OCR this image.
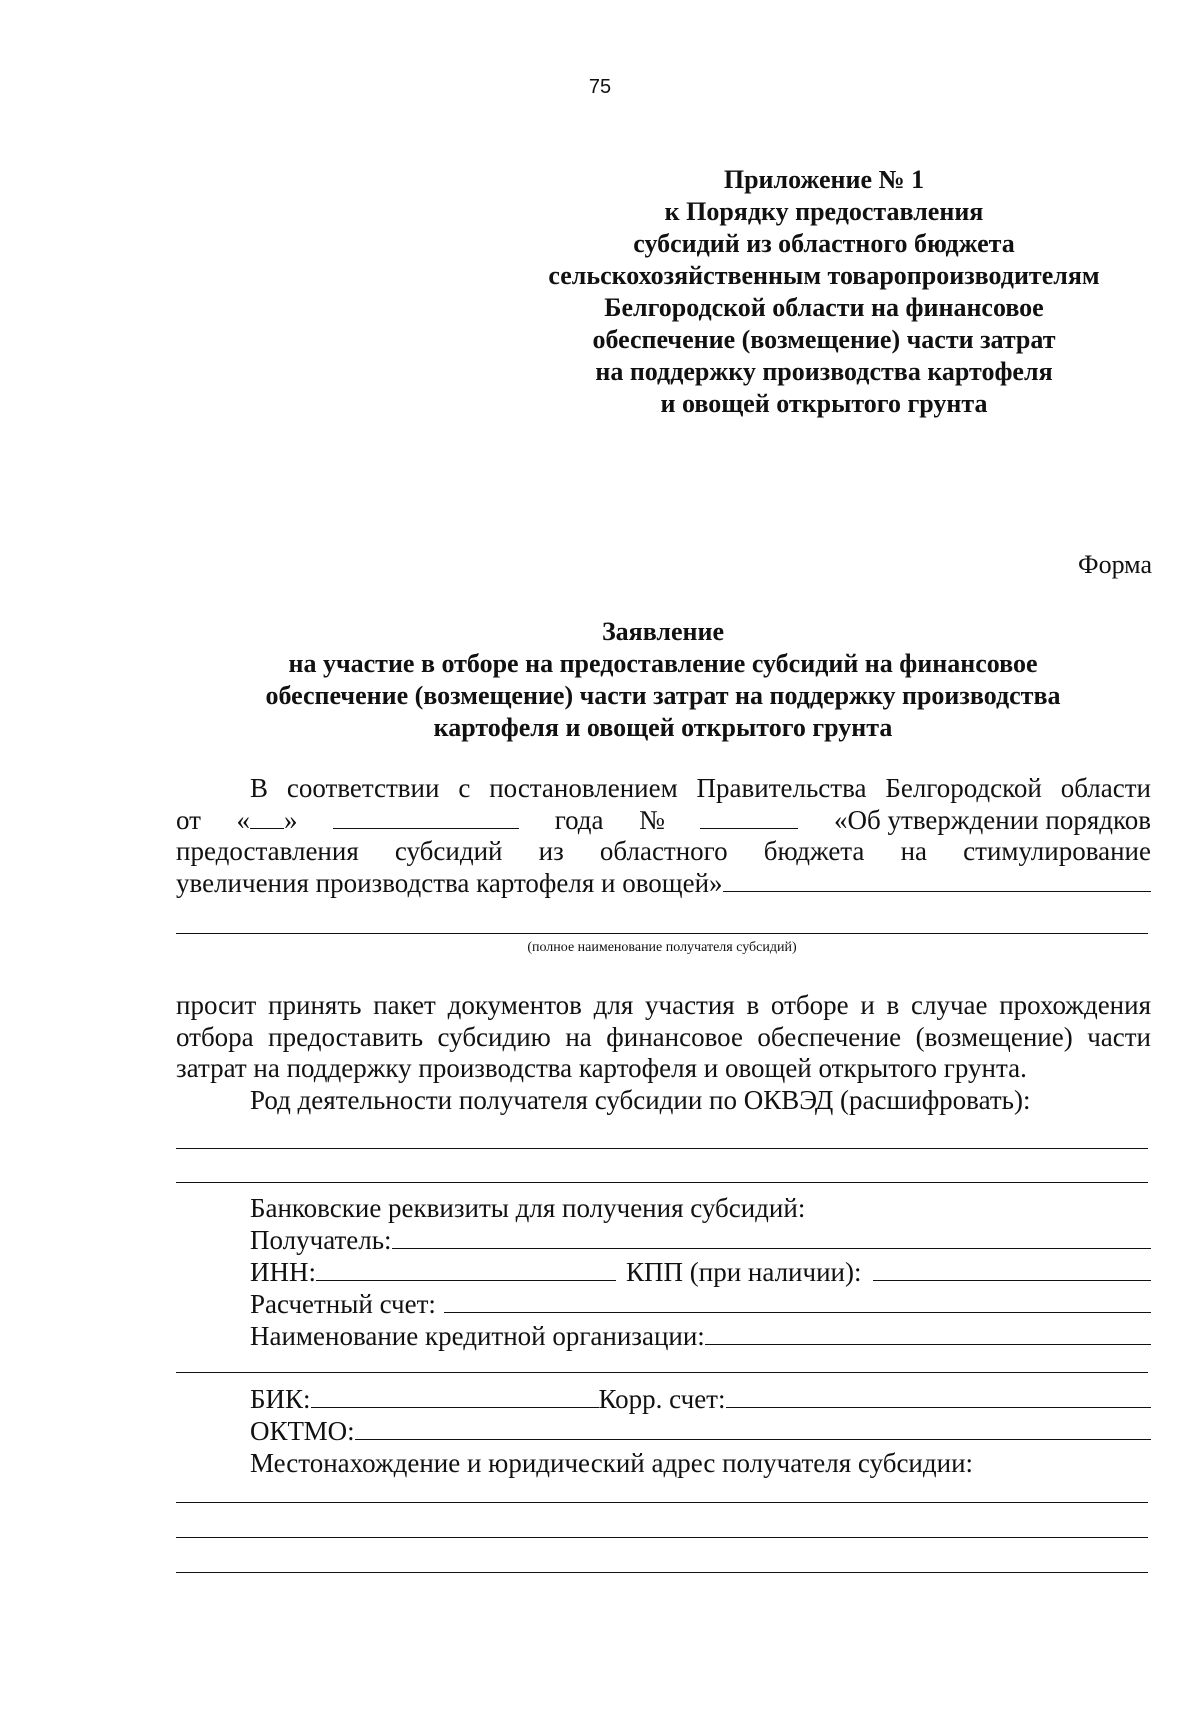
75
Приложение № 1
к Порядку предоставления
субсидий из областного бюджета
сельскохозяйственным товаропроизводителям
Белгородской области на финансовое
обеспечение (возмещение) части затрат
на поддержку производства картофеля
и овощей открытого грунта
Форма
Заявление
на участие в отборе на предоставление субсидий на финансовое
обеспечение (возмещение) части затрат на поддержку производства
картофеля и овощей открытого грунта
В соответствии с постановлением Правительства Белгородской области
от « »	года №	«Об утверждении порядков
предоставления субсидий из областного бюджета на стимулирование
увеличения производства картофеля и овощей»
(полное наименование получателя субсидий)
просит принять пакет документов для участия в отборе и в случае прохождения
отбора предоставить субсидию на финансовое обеспечение (возмещение) части
затрат на поддержку производства картофеля и овощей открытого грунта.
Род деятельности получателя субсидии по ОКВЭД (расшифровать):
Банковские реквизиты для получения субсидий:
Получатель:
ИНН:	КПП (при наличии):
Расчетный счет:
Наименование кредитной организации:
БИК:	Корр. счет:
ОКТМО:
Местонахождение и юридический адрес получателя субсидии:
